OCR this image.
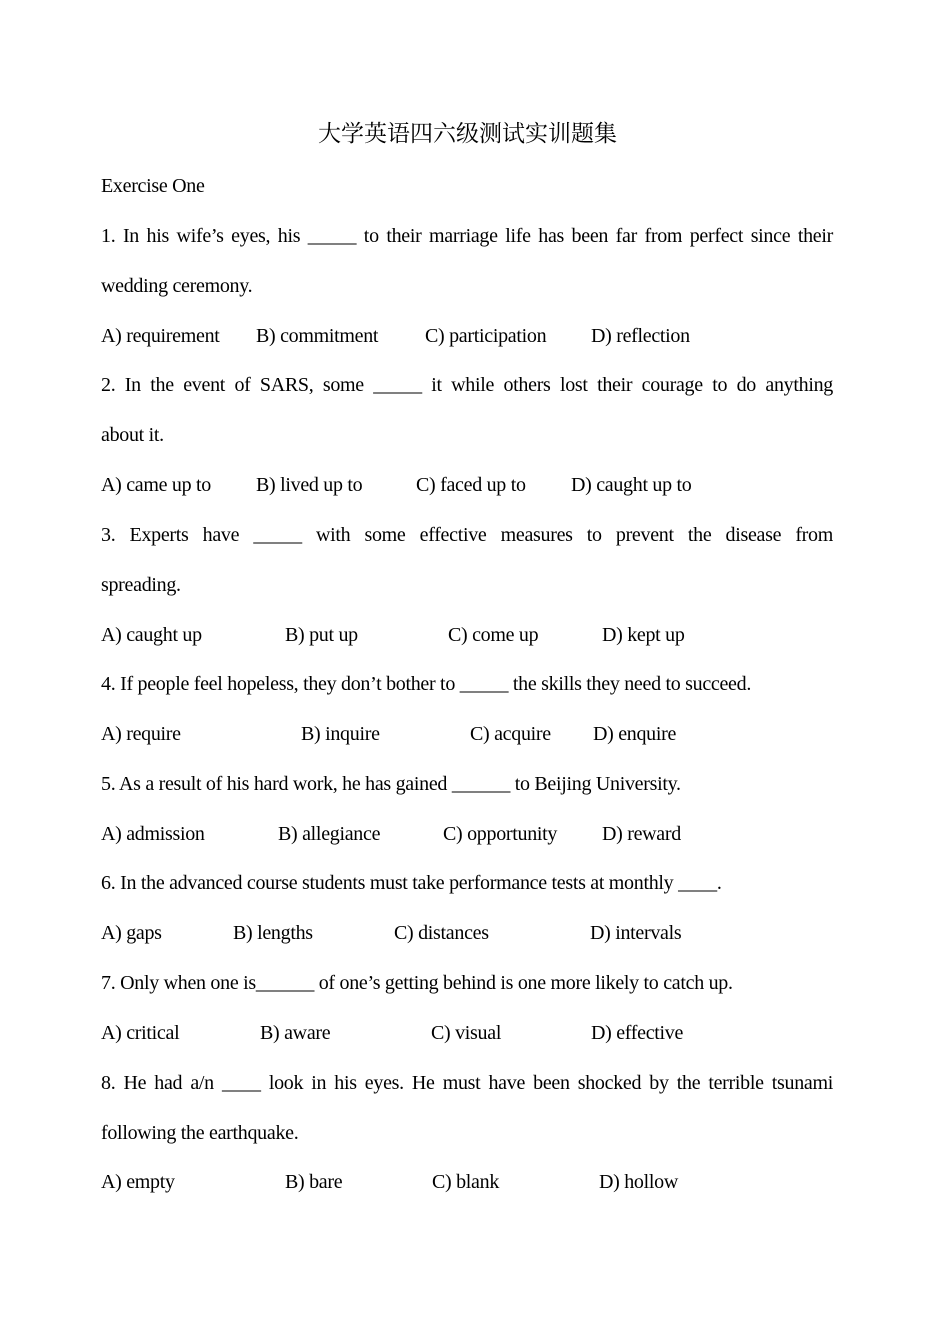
大学英语四六级测试实训题集
Exercise One
1. In his wife’s eyes, his _____ to their marriage life has been far from perfect since their
wedding ceremony.
A) requirement B) commitment C) participation D) reflection
2. In the event of SARS, some _____ it while others lost their courage to do anything
about it.
A) came up to B) lived up to	C) faced up to D) caught up to
3. Experts have _____ with some effective measures to prevent the disease from
spreading.
A) caught up	B) put up	C) come up	D) kept up
4. If people feel hopeless, they don’t bother to _____ the skills they need to succeed.
A) require	B) inquire	C) acquire D) enquire
5. As a result of his hard work, he has gained ______ to Beijing University.
A) admission	B) allegiance	C) opportunity D) reward
6. In the advanced course students must take performance tests at monthly ____.
A) gaps	B) lengths	C) distances	D) intervals
7. Only when one is______ of one’s getting behind is one more likely to catch up.
A) critical	B) aware	C) visual	D) effective
8. He had a/n ____ look in his eyes. He must have been shocked by the terrible tsunami
following the earthquake.
A) empty	B) bare	C) blank	D) hollow
